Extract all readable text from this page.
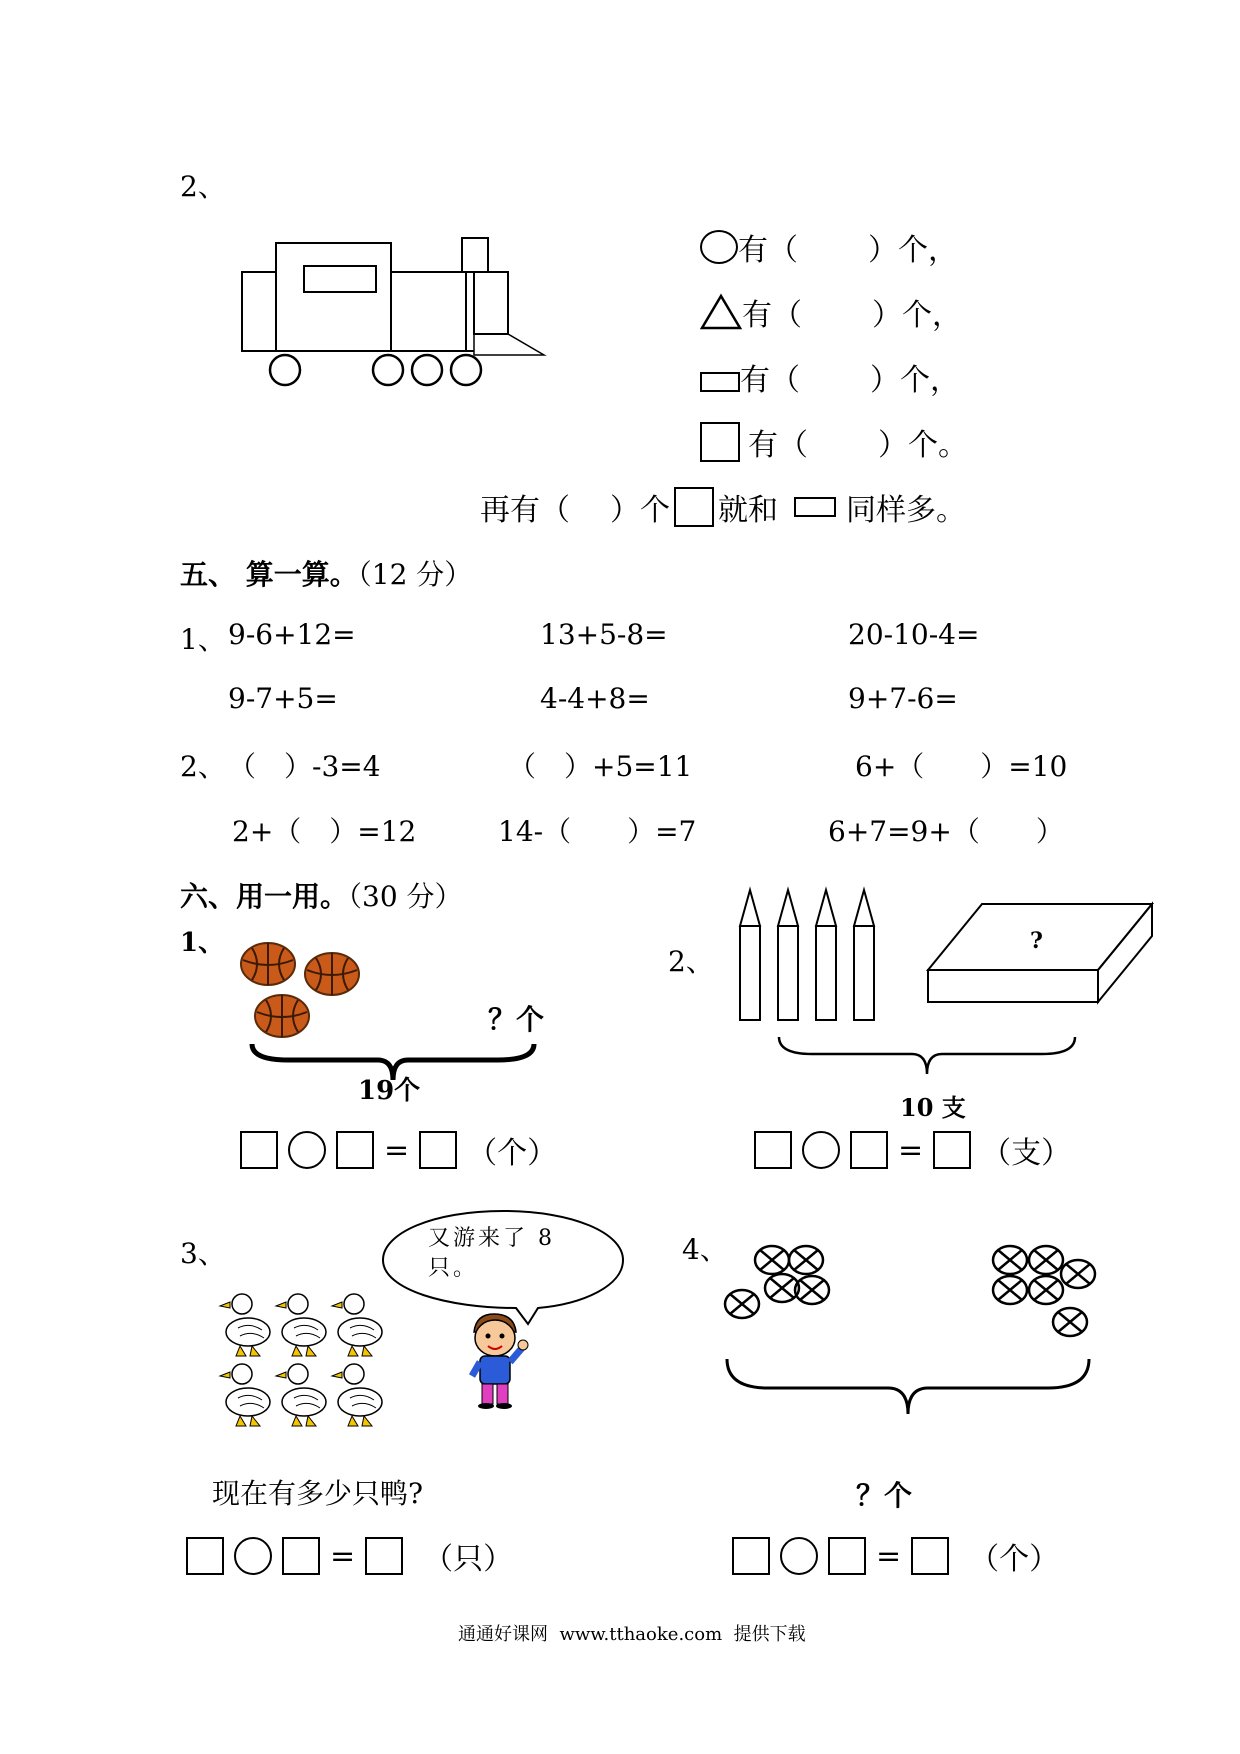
2、
有（ ）个，
有（ ）个，
有（ ）个，
有（ ）个。
再有（ ）个 就和 同样多。
五、 算一算。（12 分）
1、 9-6+12=	13+5-8=	20-10-4=
9-7+5=	4-4+8=	9+7-6=
2、 （　）-3=4	（　）+5=11	6+（　　）=10
2+（　）=12	14-（　　）=7	6+7=9+（　　）
六、用一用。（30 分）
1、
？个
19个
= （个）
2、
?
10 支
= （支）
3、	又游来了 8 只。
现在有多少只鸭?
= （只）
4、
？个
= （个）
通通好课网  www.tthaoke.com  提供下载
